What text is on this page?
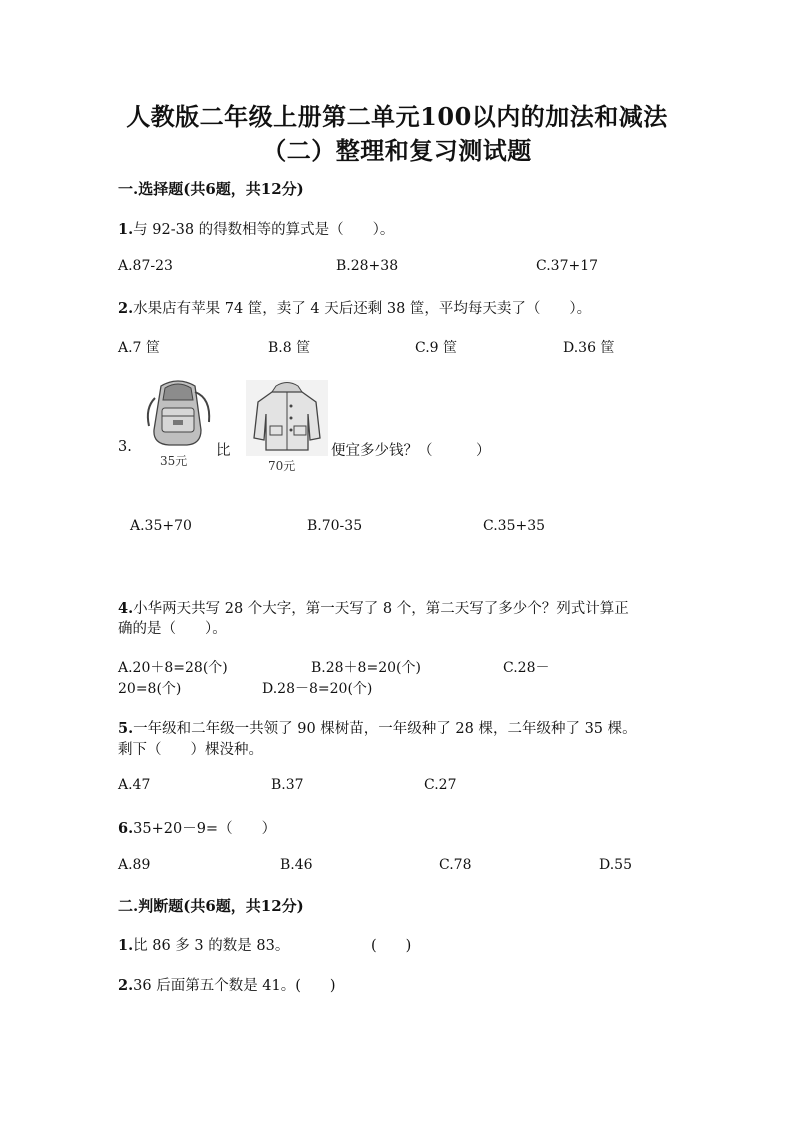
人教版二年级上册第二单元100以内的加法和减法
（二）整理和复习测试题
一.选择题(共6题，共12分)
1.与 92-38 的得数相等的算式是（　　）。
A.87-23	B.28+38	C.37+17
2.水果店有苹果 74 筐，卖了 4 天后还剩 38 筐，平均每天卖了（　　）。
A.7 筐	B.8 筐	C.9 筐	D.36 筐
3.
35元
比
70元
便宜多少钱？（　　　）
A.35+70	B.70-35	C.35+35
4.小华两天共写 28 个大字，第一天写了 8 个，第二天写了多少个？列式计算正
确的是（　　）。
A.20＋8=28(个)	B.28＋8=20(个)	C.28－
20=8(个)	D.28－8=20(个)
5.一年级和二年级一共领了 90 棵树苗，一年级种了 28 棵，二年级种了 35 棵。
剩下（　　）棵没种。
A.47	B.37	C.27
6.35+20－9=（　　）
A.89	B.46	C.78	D.55
二.判断题(共6题，共12分)
1.比 86 多 3 的数是 83。	(　　)
2.36 后面第五个数是 41。(　　)
